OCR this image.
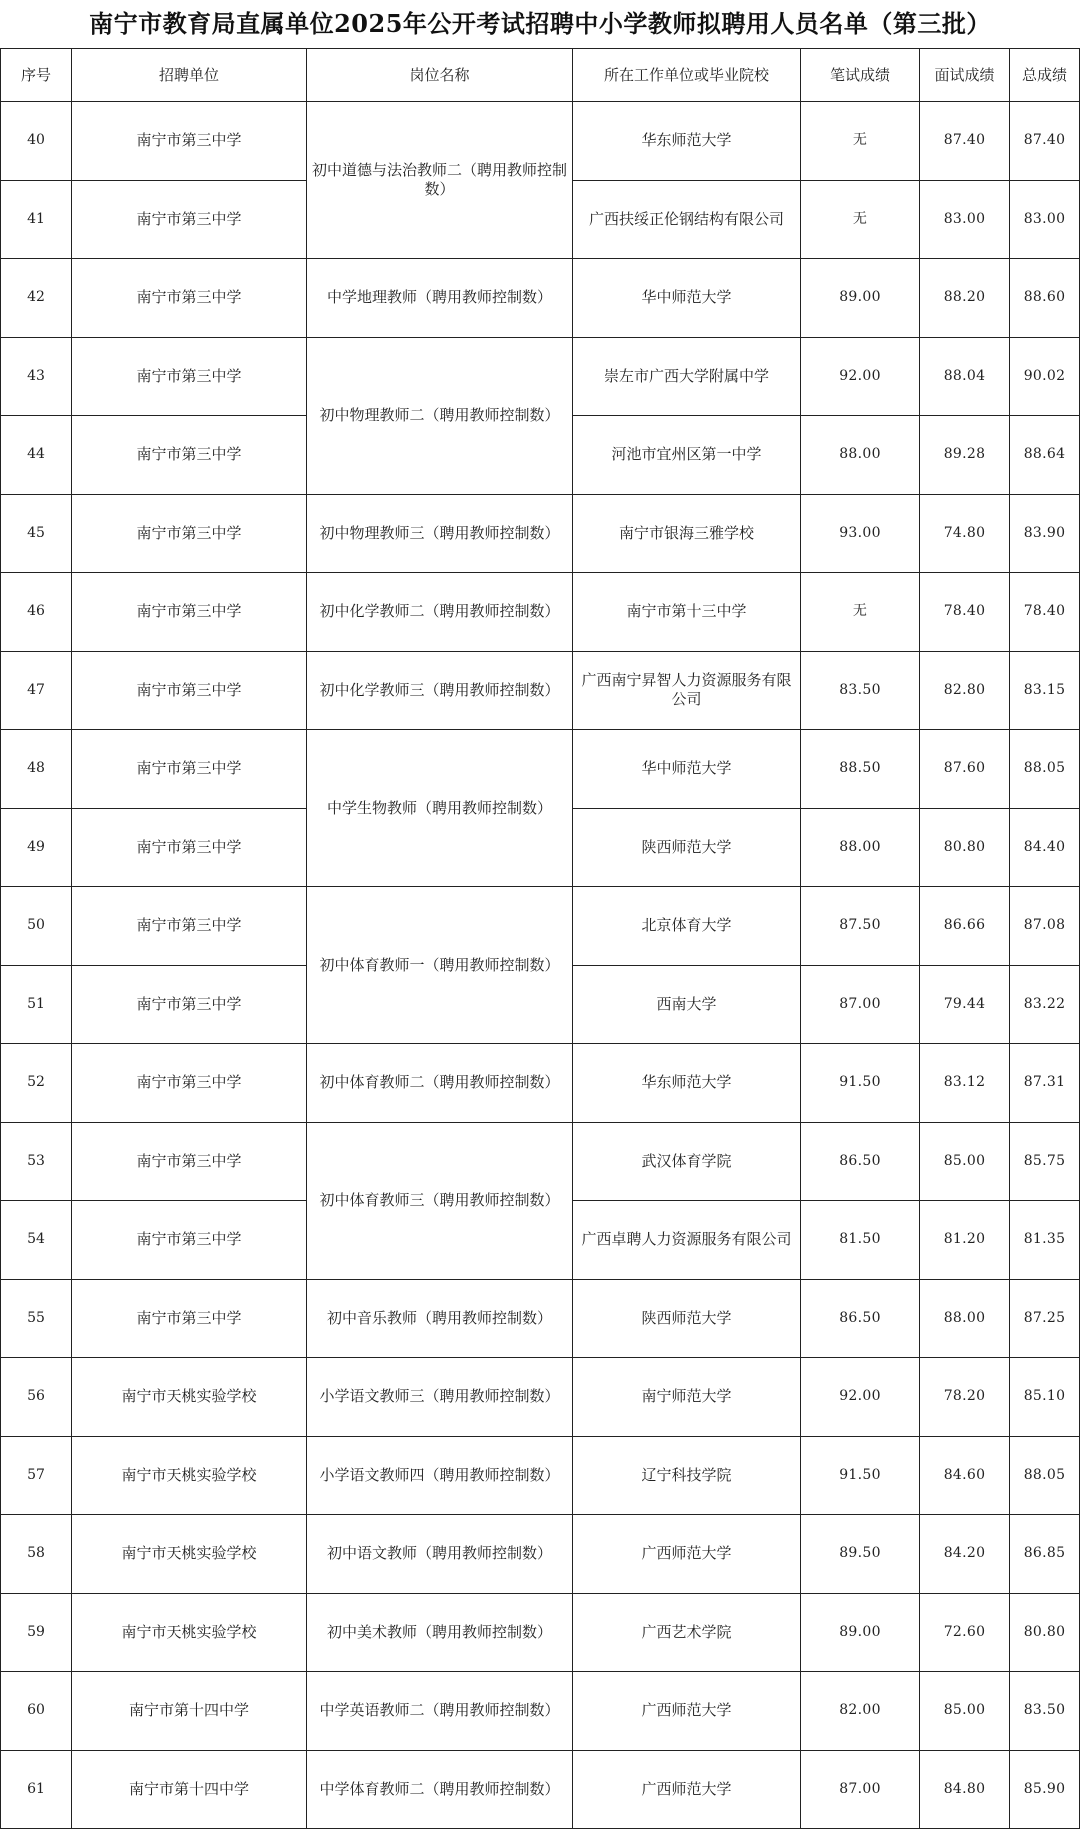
南宁市教育局直属单位2025年公开考试招聘中小学教师拟聘用人员名单（第三批）
序号	招聘单位	岗位名称	所在工作单位或毕业院校	笔试成绩	面试成绩	总成绩
40	南宁市第三中学	初中道德与法治教师二（聘用教师控制数）	华东师范大学	无	87.40	87.40
41	南宁市第三中学		广西扶绥正伦钢结构有限公司	无	83.00	83.00
42	南宁市第三中学	中学地理教师（聘用教师控制数）	华中师范大学	89.00	88.20	88.60
43	南宁市第三中学	初中物理教师二（聘用教师控制数）	崇左市广西大学附属中学	92.00	88.04	90.02
44	南宁市第三中学		河池市宜州区第一中学	88.00	89.28	88.64
45	南宁市第三中学	初中物理教师三（聘用教师控制数）	南宁市银海三雅学校	93.00	74.80	83.90
46	南宁市第三中学	初中化学教师二（聘用教师控制数）	南宁市第十三中学	无	78.40	78.40
47	南宁市第三中学	初中化学教师三（聘用教师控制数）	广西南宁昇智人力资源服务有限公司	83.50	82.80	83.15
48	南宁市第三中学	中学生物教师（聘用教师控制数）	华中师范大学	88.50	87.60	88.05
49	南宁市第三中学		陕西师范大学	88.00	80.80	84.40
50	南宁市第三中学	初中体育教师一（聘用教师控制数）	北京体育大学	87.50	86.66	87.08
51	南宁市第三中学		西南大学	87.00	79.44	83.22
52	南宁市第三中学	初中体育教师二（聘用教师控制数）	华东师范大学	91.50	83.12	87.31
53	南宁市第三中学	初中体育教师三（聘用教师控制数）	武汉体育学院	86.50	85.00	85.75
54	南宁市第三中学		广西卓聘人力资源服务有限公司	81.50	81.20	81.35
55	南宁市第三中学	初中音乐教师（聘用教师控制数）	陕西师范大学	86.50	88.00	87.25
56	南宁市天桃实验学校	小学语文教师三（聘用教师控制数）	南宁师范大学	92.00	78.20	85.10
57	南宁市天桃实验学校	小学语文教师四（聘用教师控制数）	辽宁科技学院	91.50	84.60	88.05
58	南宁市天桃实验学校	初中语文教师（聘用教师控制数）	广西师范大学	89.50	84.20	86.85
59	南宁市天桃实验学校	初中美术教师（聘用教师控制数）	广西艺术学院	89.00	72.60	80.80
60	南宁市第十四中学	中学英语教师二（聘用教师控制数）	广西师范大学	82.00	85.00	83.50
61	南宁市第十四中学	中学体育教师二（聘用教师控制数）	广西师范大学	87.00	84.80	85.90
